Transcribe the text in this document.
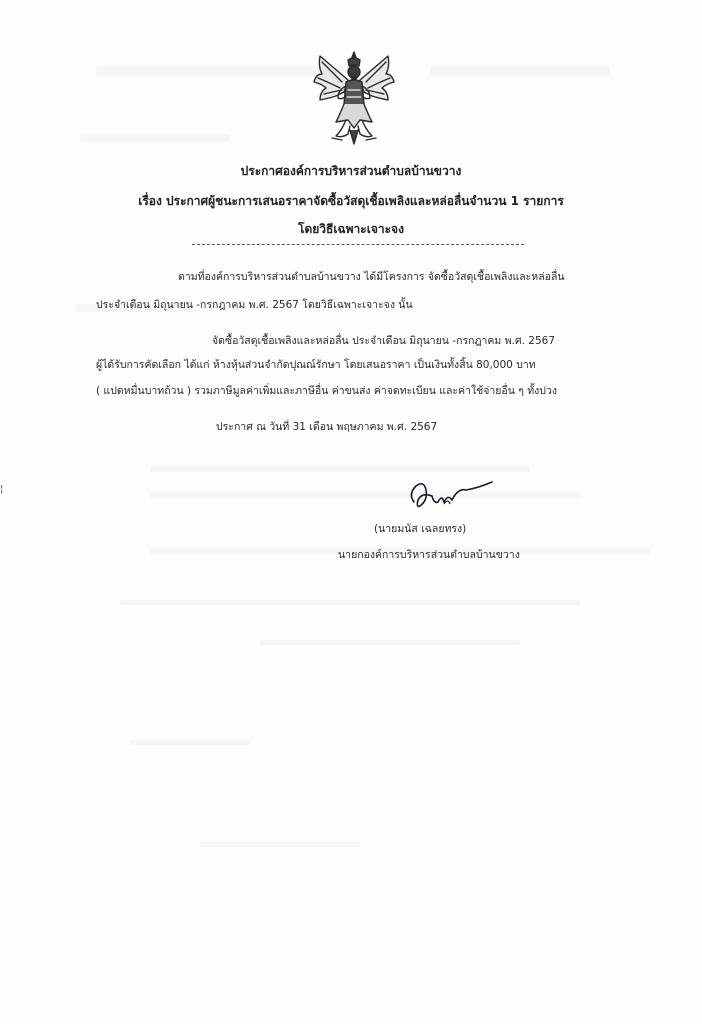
ประกาศองค์การบริหารส่วนตำบลบ้านขวาง
เรื่อง ประกาศผู้ชนะการเสนอราคาจัดซื้อวัสดุเชื้อเพลิงและหล่อลื่นจำนวน 1 รายการ
โดยวิธีเฉพาะเจาะจง
ตามที่องค์การบริหารส่วนตำบลบ้านขวาง ได้มีโครงการ จัดซื้อวัสดุเชื้อเพลิงและหล่อลื่น
ประจำเดือน มิถุนายน -กรกฎาคม พ.ศ. 2567 โดยวิธีเฉพาะเจาะจง นั้น
จัดซื้อวัสดุเชื้อเพลิงและหล่อลื่น ประจำเดือน มิถุนายน -กรกฎาคม พ.ศ. 2567
ผู้ได้รับการคัดเลือก ได้แก่ ห้างหุ้นส่วนจำกัดปุณณ์รักษา โดยเสนอราคา เป็นเงินทั้งสิ้น 80,000 บาท
( แปดหมื่นบาทถ้วน ) รวมภาษีมูลค่าเพิ่มและภาษีอื่น ค่าขนส่ง ค่าจดทะเบียน และค่าใช้จ่ายอื่น ๆ ทั้งปวง
ประกาศ ณ วันที่ 31 เดือน พฤษภาคม พ.ศ. 2567
(นายมนัส เฉลยทรง)
นายกองค์การบริหารส่วนตำบลบ้านขวาง
¦
